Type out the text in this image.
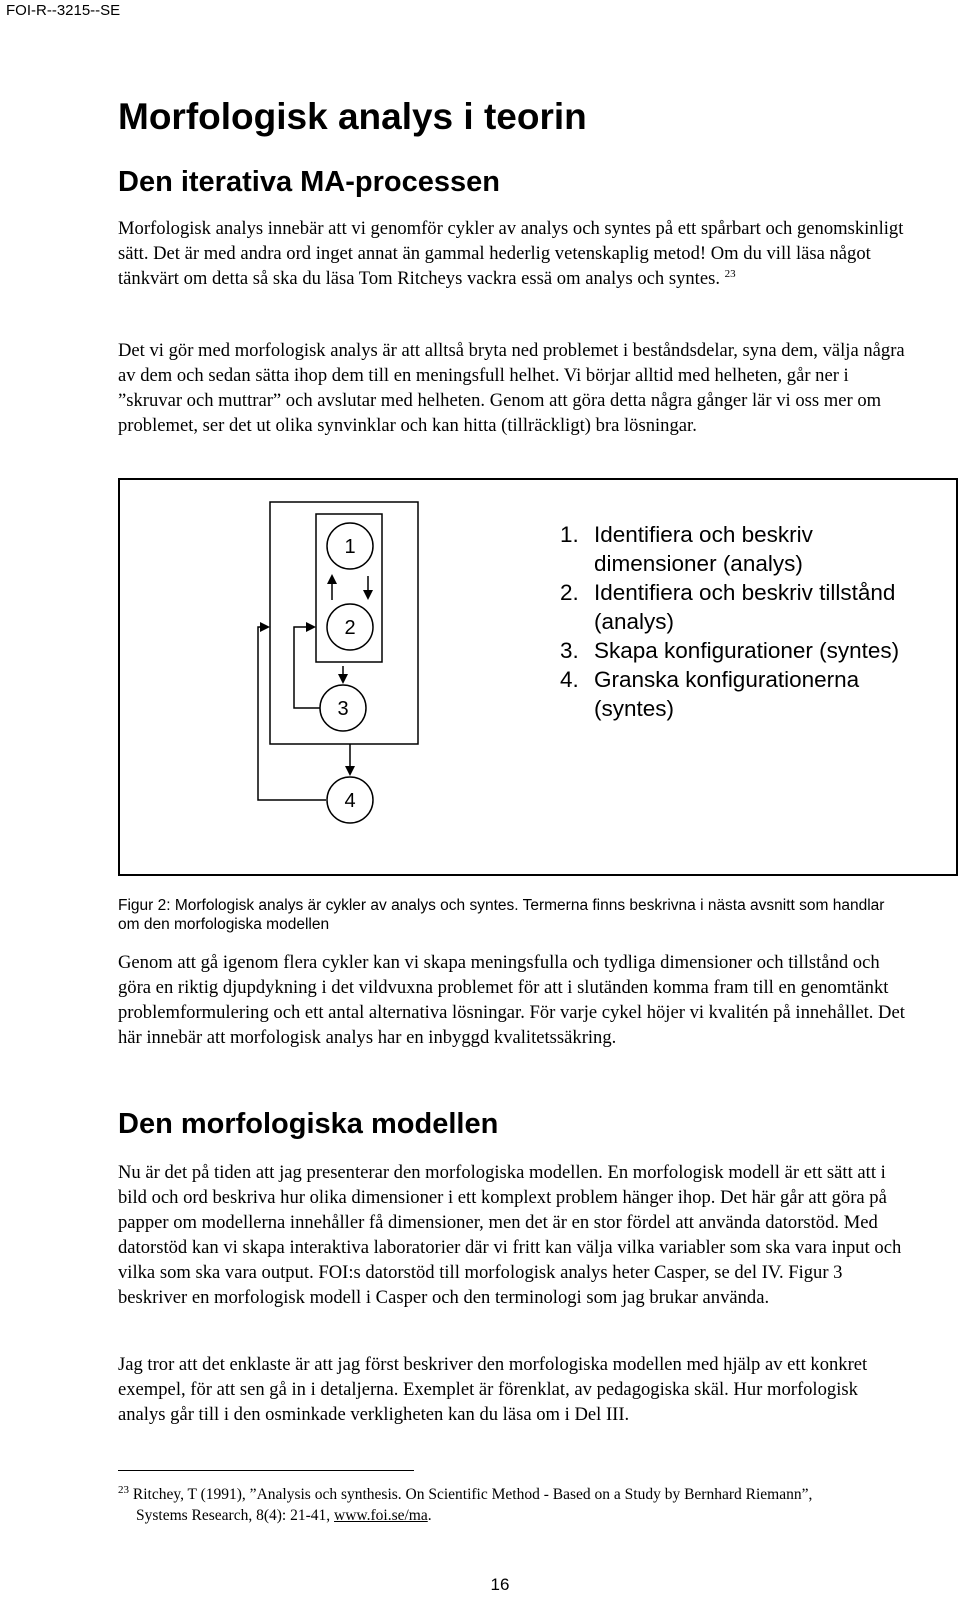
FOI-R--3215--SE
Morfologisk analys i teorin
Den iterativa MA-processen

Morfologisk analys innebär att vi genomför cykler av analys och syntes på ett spårbart och genomskinligt sätt. Det är med andra ord inget annat än gammal hederlig vetenskaplig metod! Om du vill läsa något tänkvärt om detta så ska du läsa Tom Ritcheys vackra essä om analys och syntes. $^{23}$

Det vi gör med morfologisk analys är att alltså bryta ned problemet i beståndsdelar, syna dem, välja några av dem och sedan sätta ihop dem till en meningsfull helhet. Vi börjar alltid med helheten, går ner i ”skruvar och muttrar” och avslutar med helheten. Genom att göra detta några gånger lär vi oss mer om problemet, ser det ut olika synvinklar och kan hitta (tillräckligt) bra lösningar.

Genom att gå igenom flera cykler kan vi skapa meningsfulla och tydliga dimensioner och tillstånd och göra en riktig djupdykning i det vildvuxna problemet för att i slutänden komma fram till en genomtänkt problemformulering och ett antal alternativa lösningar. För varje cykel höjer vi kvalitén på innehållet. Det här innebär att morfologisk analys har en inbyggd kvalitetssäkring.

Den morfologiska modellen

Nu är det på tiden att jag presenterar den morfologiska modellen. En morfologisk modell är ett sätt att i bild och ord beskriva hur olika dimensioner i ett komplext problem hänger ihop. Det här går att göra på papper om modellerna innehåller få dimensioner, men det är en stor fördel att använda datorstöd. Med datorstöd kan vi skapa interaktiva laboratorier där vi fritt kan välja vilka variabler som ska vara input och vilka som ska vara output. FOI:s datorstöd till morfologisk analys heter Casper, se del IV. Figur 3 beskriver en morfologisk modell i Casper och den terminologi som jag brukar använda.

Jag tror att det enklaste är att jag först beskriver den morfologiska modellen med hjälp av ett konkret exempel, för att sen gå in i detaljerna. Exemplet är förenklat, av pedagogiska skäl. Hur morfologisk analys går till i den osminkade verkligheten kan du läsa om i Del III.

1
2
3
4
1. Identifiera och beskriv dimensioner (analys)
2. Identifiera och beskriv tillstånd (analys)
3. Skapa konfigurationer (syntes)
4. Granska konfigurationerna (syntes)

Figur 2: Morfologisk analys är cykler av analys och syntes. Termerna finns beskrivna i nästa avsnitt som handlar om den morfologiska modellen

$^{23}$ Ritchey, T (1991), ”Analysis och synthesis. On Scientific Method - Based on a Study by Bernhard Riemann”,
Systems Research, 8(4): 21-41, www.foi.se/ma.

16
